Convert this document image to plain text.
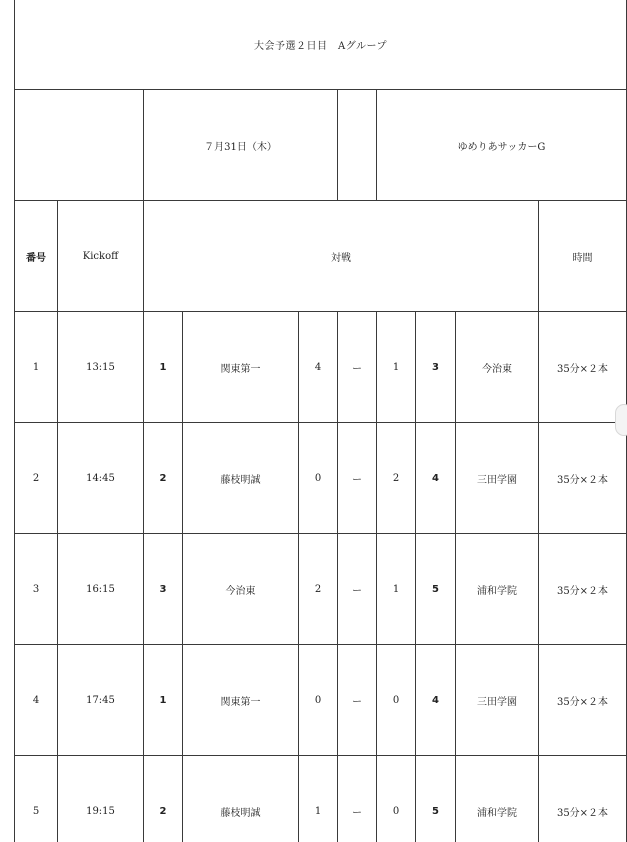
大会予選２日目　Aグループ									
		７月31日（木）				ゆめりあサッカーG			
番号	Kickoff	対戦							時間
1	13:15	1	関東第一	4	ー	1	3	今治東	35分×２本
2	14:45	2	藤枝明誠	0	ー	2	4	三田学園	35分×２本
3	16:15	3	今治東	2	ー	1	5	浦和学院	35分×２本
4	17:45	1	関東第一	0	ー	0	4	三田学園	35分×２本
5	19:15	2	藤枝明誠	1	ー	0	5	浦和学院	35分×２本
